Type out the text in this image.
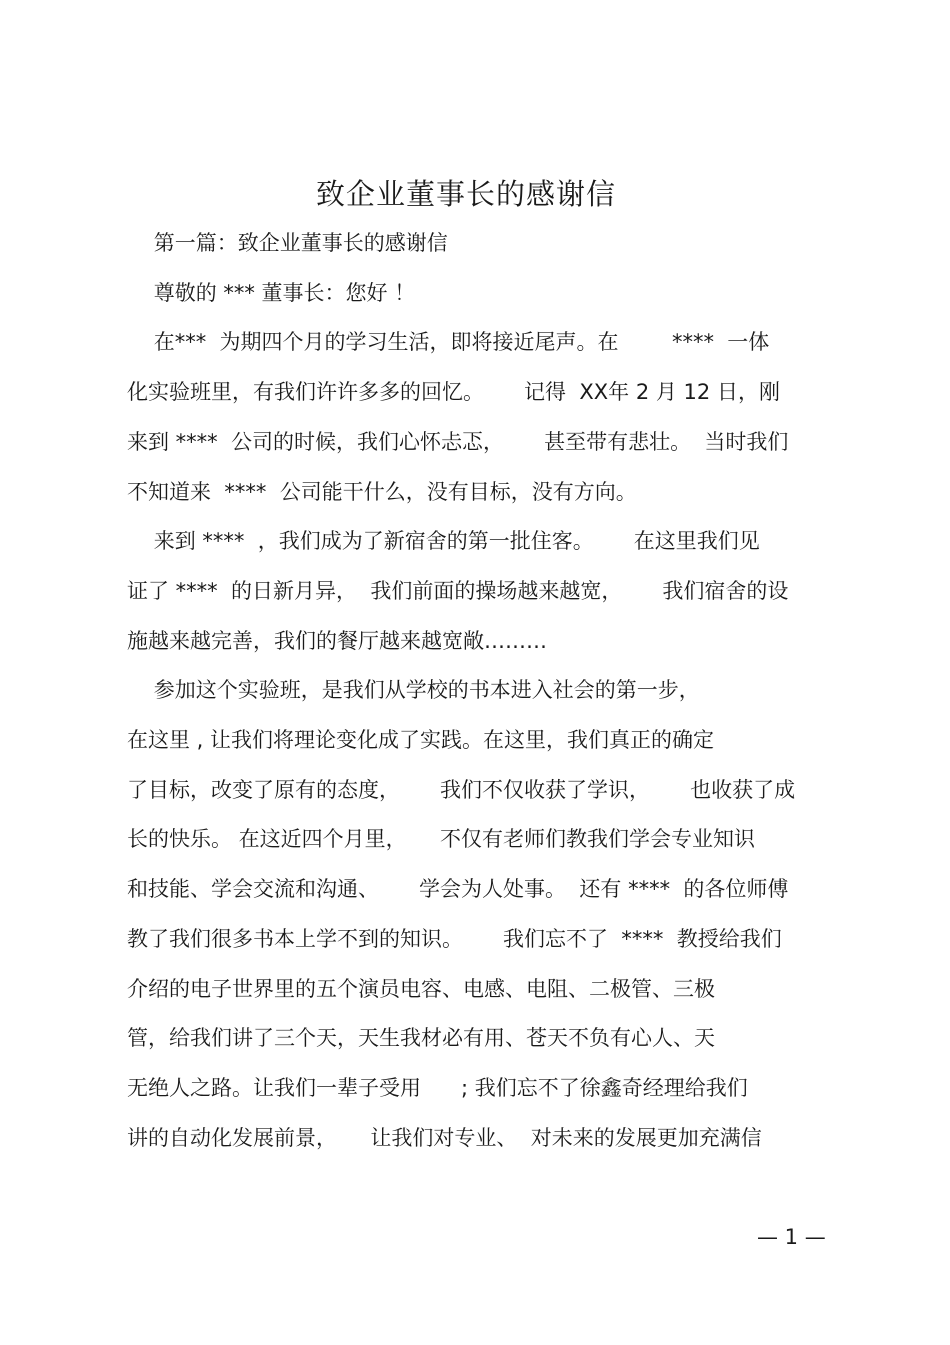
致企业董事长的感谢信
第一篇：致企业董事长的感谢信
尊敬的 *** 董事长：您好 ！
在***  为期四个月的学习生活，即将接近尾声。在        ****  一体
化实验班里，有我们许许多多的回忆。      记得  XX年 2 月 12 日，刚
来到 ****  公司的时候，我们心怀忐忑，      甚至带有悲壮。  当时我们
不知道来  ****  公司能干什么，没有目标，没有方向。
来到 ****  ，我们成为了新宿舍的第一批住客。      在这里我们见
证了 ****  的日新月异，  我们前面的操场越来越宽，      我们宿舍的设
施越来越完善，我们的餐厅越来越宽敞………
参加这个实验班，是我们从学校的书本进入社会的第一步，
在这里 , 让我们将理论变化成了实践。在这里，我们真正的确定
了目标，改变了原有的态度，      我们不仅收获了学识，      也收获了成
长的快乐。 在这近四个月里，     不仅有老师们教我们学会专业知识
和技能、学会交流和沟通、      学会为人处事。  还有 ****  的各位师傅
教了我们很多书本上学不到的知识。      我们忘不了  ****  教授给我们
介绍的电子世界里的五个演员电容、电感、电阻、二极管、三极
管，给我们讲了三个天，天生我材必有用、苍天不负有心人、天
无绝人之路。让我们一辈子受用      ; 我们忘不了徐鑫奇经理给我们
讲的自动化发展前景，     让我们对专业、  对未来的发展更加充满信
— 1 —
